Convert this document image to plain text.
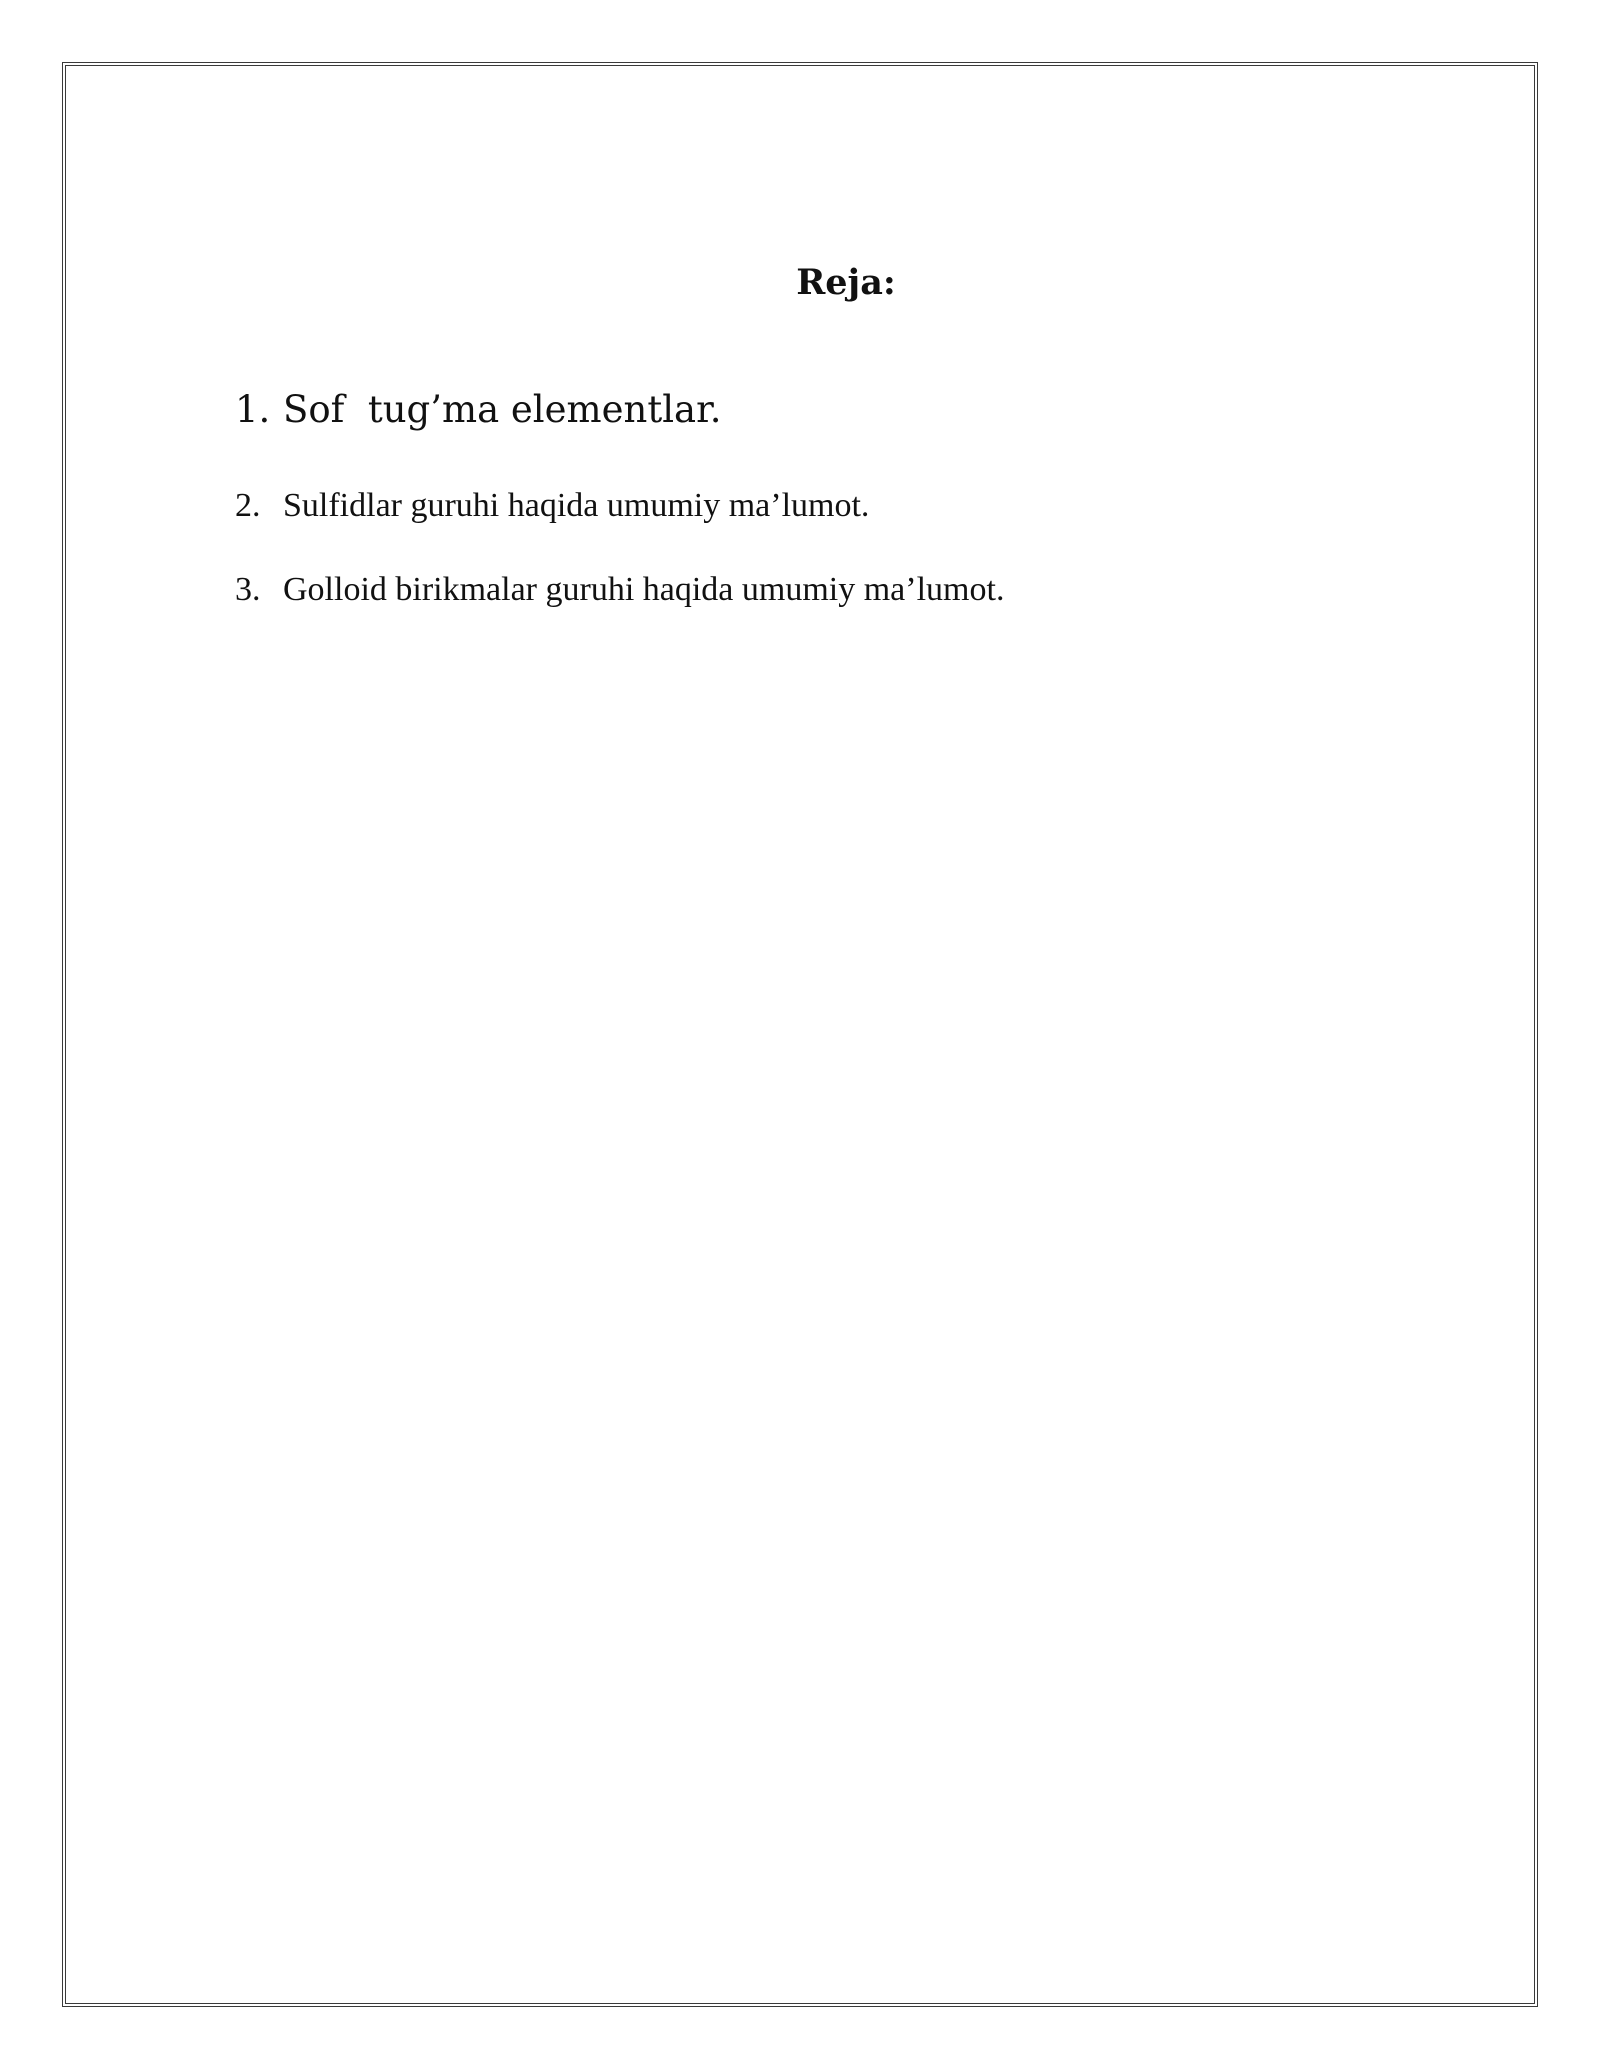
Reja:
1. Sof  tug’ma elementlar.
2. Sulfidlar guruhi haqida umumiy ma’lumot.
3. Golloid birikmalar guruhi haqida umumiy ma’lumot.
